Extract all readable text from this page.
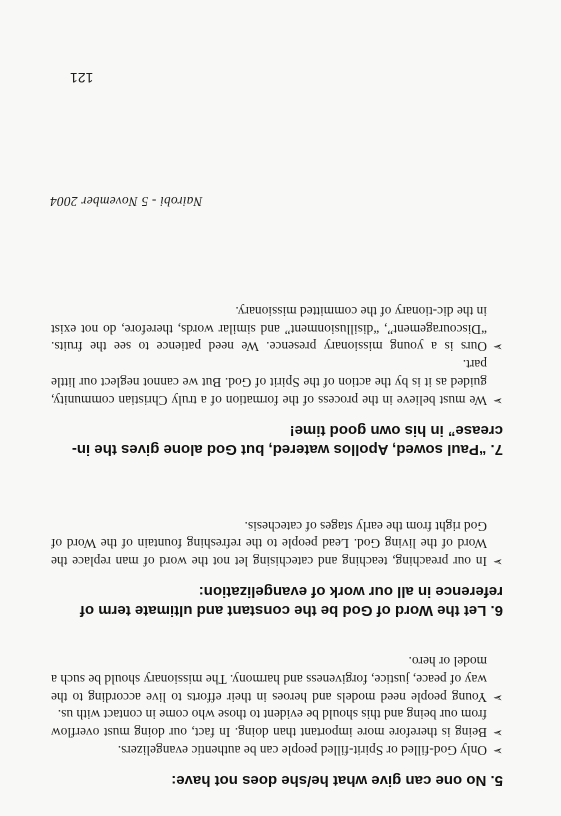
5. No one can give what he/she does not have:
➢
Only God-filled or Spirit-filled people can be authentic evangelizers.
➢
Being is therefore more important than doing. In fact, our doing must overflow from our being and this should be evident to those who come in contact with us.
➢
Young people need models and heroes in their efforts to live according to the way of peace, justice, forgiveness and harmony. The missionary should be such a model or hero.
6. Let the Word of God be the constant and ultimate term of reference in all our work of evangelization:
➢
In our preaching, teaching and catechising let not the word of man replace the Word of the living God. Lead people to the refreshing fountain of the Word of God right from the early stages of catechesis.
7. “Paul sowed, Apollos watered, but God alone gives the in-crease” in his own good time!
➢
We must believe in the process of the formation of a truly Christian community, guided as it is by the action of the Spirit of God. But we cannot neglect our little part.
➢
Ours is a young missionary presence. We need patience to see the fruits. “Discouragement”, “disillusionment” and similar words, therefore, do not exist in the dic-tionary of the committed missionary.
Nairobi - 5 November 2004
121
